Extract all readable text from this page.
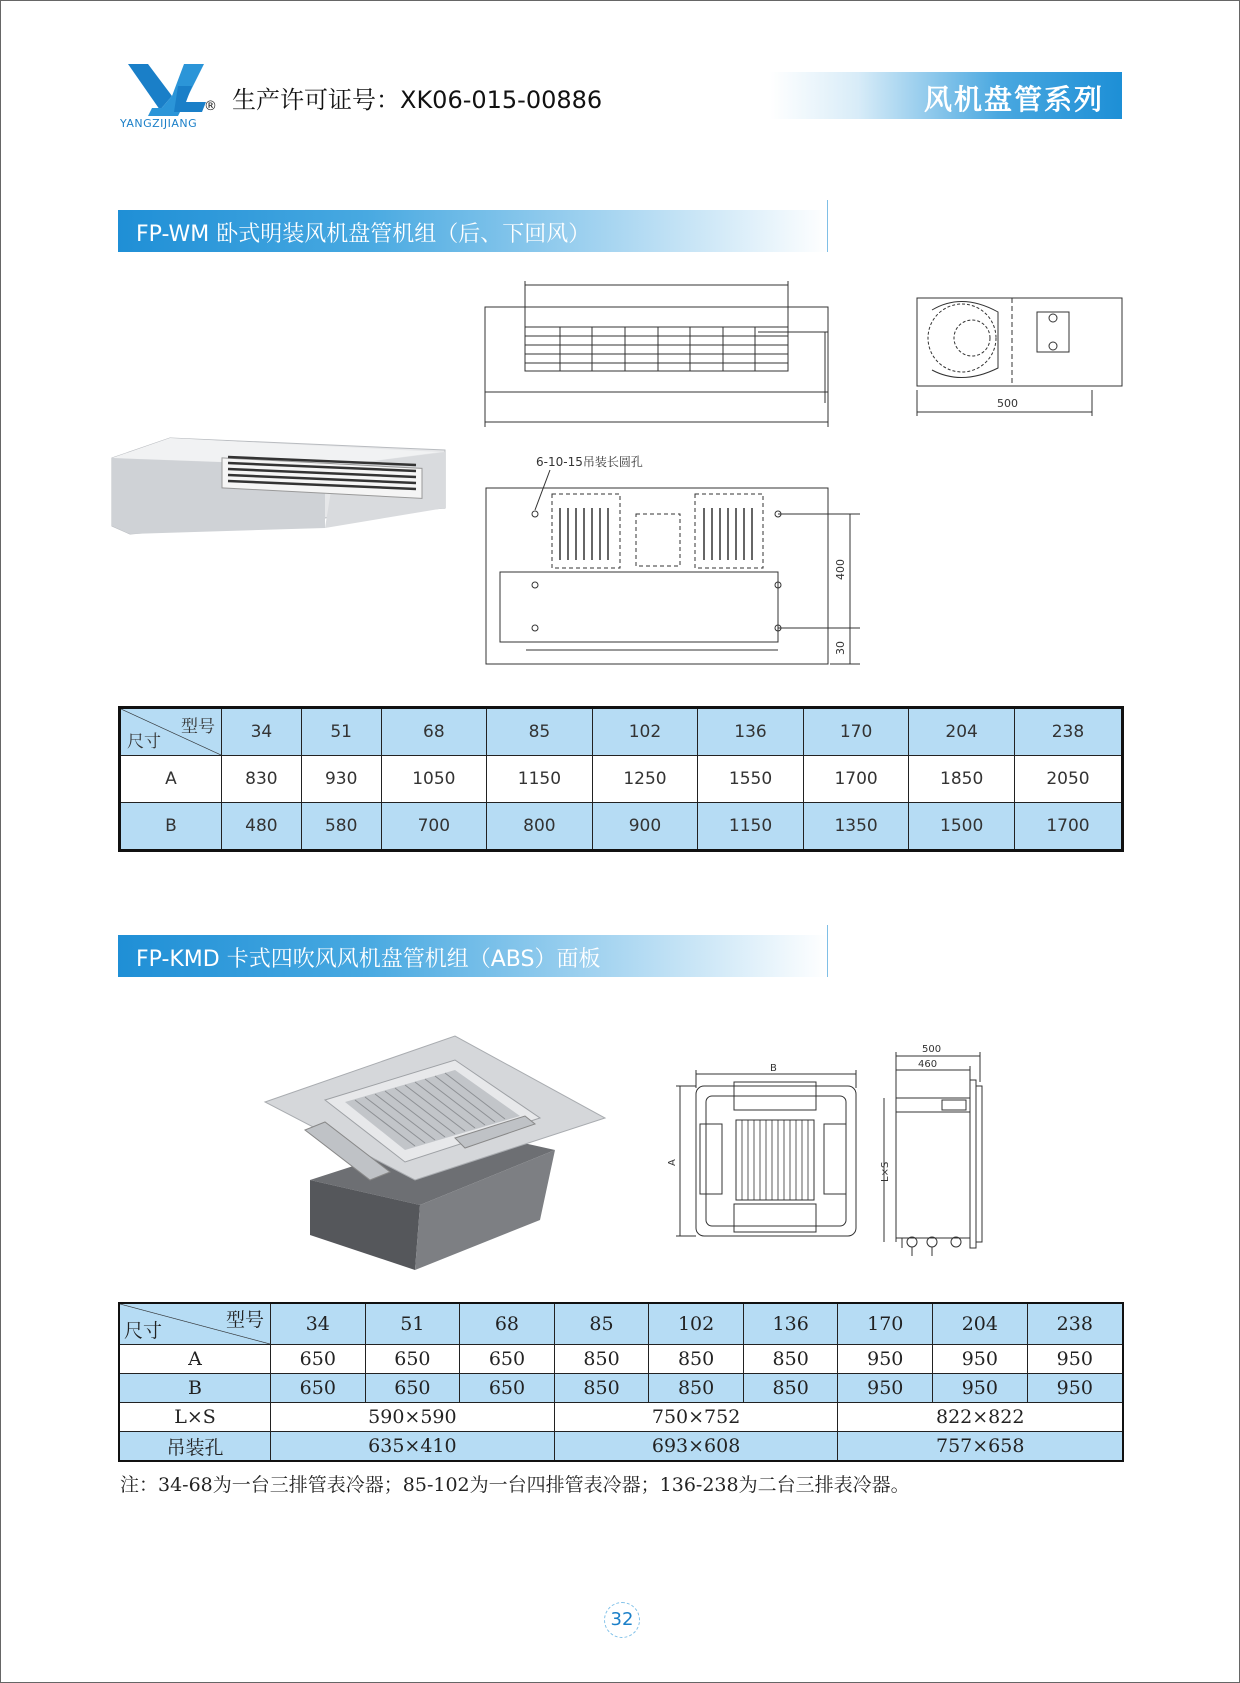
®
YANGZIJIANG
生产许可证号：XK06-015-00886	风机盘管系列
FP-WM 卧式明装风机盘管机组（后、下回风）
500
6-10-15吊装长圆孔
400
30
型号
尺寸	34	51	68	85	102	136	170	204	238
A	830	930	1050	1150	1250	1550	1700	1850	2050
B	480	580	700	800	900	1150	1350	1500	1700
FP-KMD 卡式四吹风风机盘管机组（ABS）面板
B
A
500
460
L×S
型号
尺寸	34	51	68	85	102	136	170	204	238
A	650	650	650	850	850	850	950	950	950
B	650	650	650	850	850	850	950	950	950
L×S	590×590			750×752			822×822		
吊装孔	635×410			693×608			757×658		
注：34-68为一台三排管表冷器；85-102为一台四排管表冷器；136-238为二台三排表冷器。
32
